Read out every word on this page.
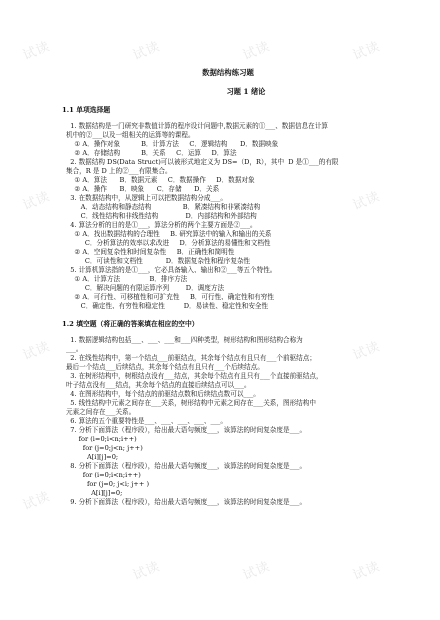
试读	试读	试读	试读
试读	试读
试读	试读
试读
试读	试读	试读
数据结构练习题
习题 1 绪论
1.1 单项选择题

1. 数据结构是一门研究非数值计算的程序设计问题中,数据元素的①___、数据信息在计算

机中的②___以及一组相关的运算等的课程。

① A．操作对象          B．计算方法     C．逻辑结构      D．数据映象

② A．存储结构          B．关系     C．运算     D．算法

2. 数据结构 DS(Data Struct)可以被形式地定义为 DS=（D，R），其中  D 是①___的有限

集合，R 是 D 上的②___有限集合。

① A．算法      B．数据元素     C．数据操作     D．数据对象

② A．操作      B．映象      C．存储      D．关系

3. 在数据结构中，从逻辑上可以把数据结构分成___。

A．动态结构和静态结构               B．紧凑结构和非紧凑结构

C．线性结构和非线性结构             D．内部结构和外部结构

4. 算法分析的目的是①___，算法分析的两个主要方面是②___。

① A．找出数据结构的合理性     B. 研究算法中的输入和输出的关系

C．分析算法的效率以求改进     D．分析算法的易懂性和文档性

② A．空间复杂性和时间复杂性     B．正确性和简明性

C．可读性和文档性           D．数据复杂性和程序复杂性

5. 计算机算法指的是①___，它必具备输入、输出和②___等五个特性。

① A．计算方法              B．排序方法

C．解决问题的有限运算序列        D．调度方法

② A．可行性、可移植性和可扩充性     B．可行性、确定性和有穷性

C．确定性、有穷性和稳定性         D．易读性、稳定性和安全性

1.2 填空题（将正确的答案填在相应的空中）

1. 数据逻辑结构包括___、___、___和___四种类型，树形结构和图形结构合称为

___。

2. 在线性结构中，第一个结点___前驱结点，其余每个结点有且只有___个前驱结点；

最后一个结点___后续结点，其余每个结点有且只有___个后续结点。

3. 在树形结构中，树根结点没有___结点，其余每个结点有且只有___个直接前驱结点，

叶子结点没有___结点，其余每个结点的直接后续结点可以___。

4. 在图形结构中，每个结点的前驱结点数和后续结点数可以___。

5. 线性结构中元素之间存在___关系，树形结构中元素之间存在___关系，图形结构中

元素之间存在___关系。

6. 算法的五个重要特性是___、___、___、___、___。

7. 分析下面算法（程序段），给出最大语句频度___，该算法的时间复杂度是___。

for (i=0;i<n;i++)

for (j=0;j<n; j++)

A[i][j]=0;

8. 分析下面算法（程序段），给出最大语句频度___，该算法的时间复杂度是___。

for (i=0;i<n;i++)

for (j=0; j<i; j++ )

A[i][j]=0;

9. 分析下面算法（程序段），给出最大语句频度___，该算法的时间复杂度是___。
